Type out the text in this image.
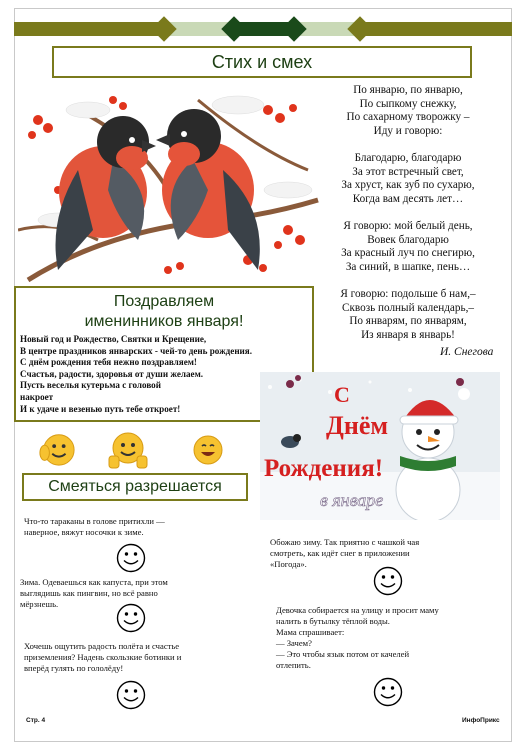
Стих и смех
По январю, по январю,
По сыпкому снежку,
По сахарному творожку –
Иду и говорю:
Благодарю, благодарю
За этот встречный свет,
За хруст, как зуб по сухарю,
Когда вам десять лет…
Я говорю: мой белый день,
Вовек благодарю
За красный луч по снегирю,
За синий, в шапке, пень…
Я говорю: подольше б нам,–
Сквозь полный календарь,–
По январям, по январям,
Из января в январь!
И. Снегова
Поздравляем
именинников января!
Новый год и Рождество, Святки и Крещение,
В центре праздников январских - чей-то день рождения.
С днём рождения тебя нежно поздравляем!
Счастья, радости, здоровья от души желаем.
Пусть веселья кутерьма с головой
накроет
И к удаче и везенью путь тебе откроет!
Смеяться разрешается
С
Днём
Рождения!
в январе
Что-то тараканы в голове притихли —
наверное, вяжут носочки к зиме.
Зима. Одеваешься как капуста, при этом
выглядишь как пингвин, но всё равно
мёрзнешь.
Хочешь ощутить радость полёта и счастье
приземления? Надень скользкие ботинки и
вперёд гулять по гололёду!
Обожаю зиму. Так приятно с чашкой чая
смотреть, как идёт снег в приложении
«Погода».
Девочка собирается на улицу и просит маму
налить в бутылку тёплой воды.
Мама спрашивает:
— Зачем?
— Это чтобы язык потом от качелей
отлепить.
Стр. 4	ИнфоПрикс
